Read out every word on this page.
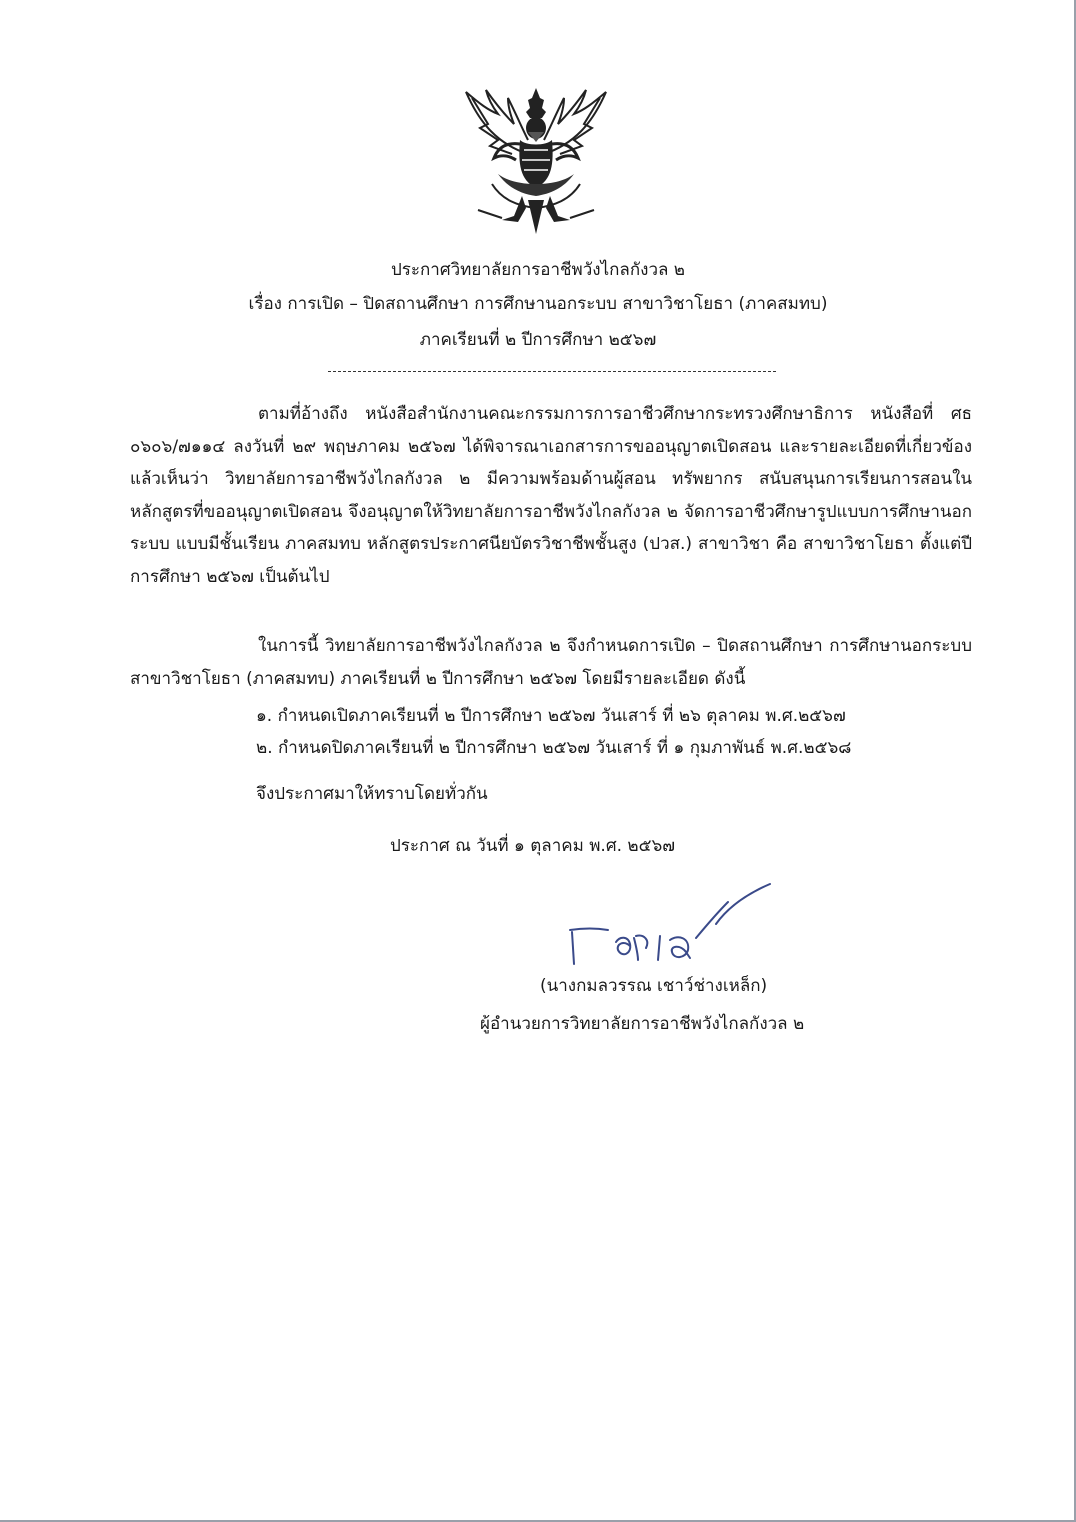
ประกาศวิทยาลัยการอาชีพวังไกลกังวล ๒
เรื่อง การเปิด – ปิดสถานศึกษา การศึกษานอกระบบ สาขาวิชาโยธา (ภาคสมทบ)
ภาคเรียนที่ ๒ ปีการศึกษา ๒๕๖๗

ตามที่อ้างถึง หนังสือสำนักงานคณะกรรมการการอาชีวศึกษากระทรวงศึกษาธิการ หนังสือที่ ศธ ๐๖๐๖/๗๑๑๔ ลงวันที่ ๒๙ พฤษภาคม ๒๕๖๗ ได้พิจารณาเอกสารการขออนุญาตเปิดสอน และรายละเอียดที่เกี่ยวข้องแล้วเห็นว่า วิทยาลัยการอาชีพวังไกลกังวล ๒ มีความพร้อมด้านผู้สอน ทรัพยากร สนับสนุนการเรียนการสอนในหลักสูตรที่ขออนุญาตเปิดสอน จึงอนุญาตให้วิทยาลัยการอาชีพวังไกลกังวล ๒ จัดการอาชีวศึกษารูปแบบการศึกษานอกระบบ แบบมีชั้นเรียน ภาคสมทบ หลักสูตรประกาศนียบัตรวิชาชีพชั้นสูง (ปวส.) สาขาวิชา คือ สาขาวิชาโยธา ตั้งแต่ปีการศึกษา ๒๕๖๗ เป็นต้นไป

ในการนี้ วิทยาลัยการอาชีพวังไกลกังวล ๒ จึงกำหนดการเปิด – ปิดสถานศึกษา การศึกษานอกระบบ สาขาวิชาโยธา (ภาคสมทบ) ภาคเรียนที่ ๒ ปีการศึกษา ๒๕๖๗ โดยมีรายละเอียด ดังนี้

๑. กำหนดเปิดภาคเรียนที่ ๒ ปีการศึกษา ๒๕๖๗ วันเสาร์ ที่ ๒๖ ตุลาคม พ.ศ.๒๕๖๗
๒. กำหนดปิดภาคเรียนที่ ๒ ปีการศึกษา ๒๕๖๗ วันเสาร์ ที่ ๑ กุมภาพันธ์ พ.ศ.๒๕๖๘
จึงประกาศมาให้ทราบโดยทั่วกัน
ประกาศ ณ วันที่ ๑ ตุลาคม พ.ศ. ๒๕๖๗
(นางกมลวรรณ เชาว์ช่างเหล็ก)
ผู้อำนวยการวิทยาลัยการอาชีพวังไกลกังวล ๒
